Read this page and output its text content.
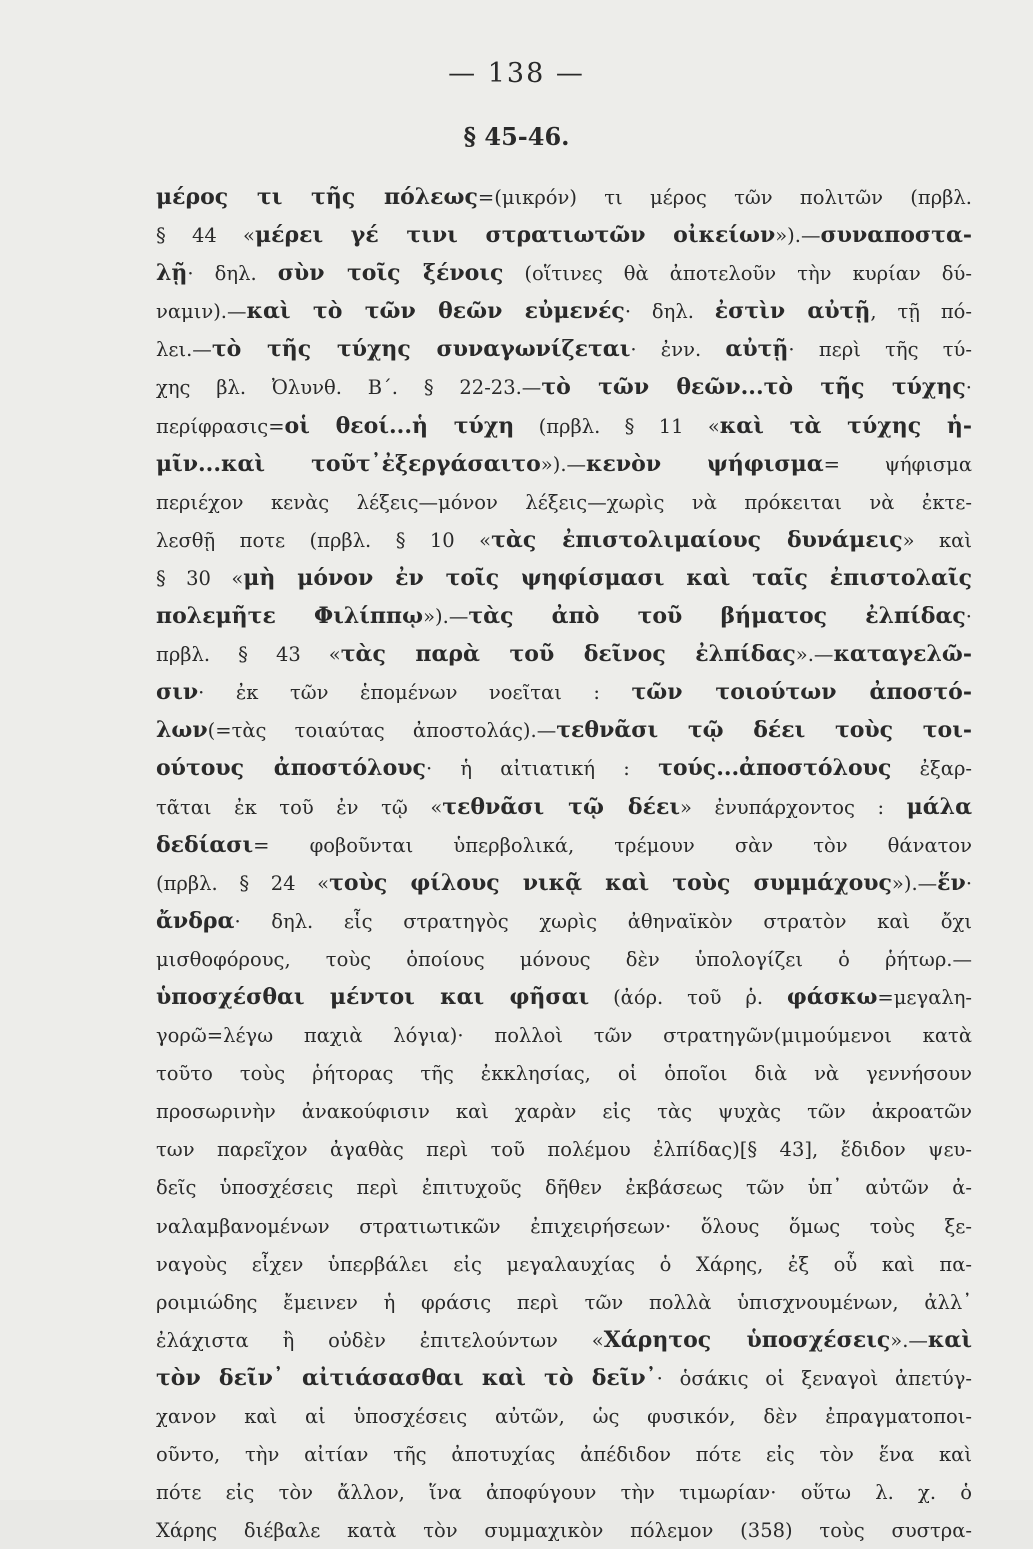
— 138 —
§ 45-46.
μέρος τι τῆς πόλεως=(μικρόν) τι μέρος τῶν πολιτῶν (πρβλ.
§ 44 «μέρει γέ τινι στρατιωτῶν οἰκείων»).—συναποστα-
λῇ· δηλ. σὺν τοῖς ξένοις (οἵτινες θὰ ἀποτελοῦν τὴν κυρίαν δύ-
ναμιν).—καὶ τὸ τῶν θεῶν εὐμενές· δηλ. ἐστὶν αὐτῇ, τῇ πό-
λει.—τὸ τῆς τύχης συναγωνίζεται· ἐνν. αὐτῇ· περὶ τῆς τύ-
χης βλ. Ὀλυνθ. Β΄. § 22-23.—τὸ τῶν θεῶν...τὸ τῆς τύχης·
περίφρασις=οἱ θεοί...ἡ τύχη (πρβλ. § 11 «καὶ τὰ τύχης ἡ-
μῖν...καὶ τοῦτ᾽ἐξεργάσαιτο»).—κενὸν ψήφισμα= ψήφισμα
περιέχον κενὰς λέξεις—μόνον λέξεις—χωρὶς νὰ πρόκειται νὰ ἐκτε-
λεσθῇ ποτε (πρβλ. § 10 «τὰς ἐπιστολιμαίους δυνάμεις» καὶ
§ 30 «μὴ μόνον ἐν τοῖς ψηφίσμασι καὶ ταῖς ἐπιστολαῖς
πολεμῆτε Φιλίππῳ»).—τὰς ἀπὸ τοῦ βήματος ἐλπίδας·
πρβλ. § 43 «τὰς παρὰ τοῦ δεῖνος ἐλπίδας».—καταγελῶ-
σιν· ἐκ τῶν ἑπομένων νοεῖται : τῶν τοιούτων ἀποστό-
λων(=τὰς τοιαύτας ἀποστολάς).—τεθνᾶσι τῷ δέει τοὺς τοι-
ούτους ἀποστόλους· ἡ αἰτιατική : τούς...ἀποστόλους ἐξαρ-
τᾶται ἐκ τοῦ ἐν τῷ «τεθνᾶσι τῷ δέει» ἐνυπάρχοντος : μάλα
δεδίασι= φοβοῦνται ὑπερβολικά, τρέμουν σὰν τὸν θάνατον
(πρβλ. § 24 «τοὺς φίλους νικᾷ καὶ τοὺς συμμάχους»).—ἕν·
ἄνδρα· δηλ. εἷς στρατηγὸς χωρὶς ἀθηναϊκὸν στρατὸν καὶ ὄχι
μισθοφόρους, τοὺς ὁποίους μόνους δὲν ὑπολογίζει ὁ ῥήτωρ.—
ὑποσχέσθαι μέντοι και φῆσαι (ἀόρ. τοῦ ῥ. φάσκω=μεγαλη-
γορῶ=λέγω παχιὰ λόγια)· πολλοὶ τῶν στρατηγῶν(μιμούμενοι κατὰ
τοῦτο τοὺς ῥήτορας τῆς ἐκκλησίας, οἱ ὁποῖοι διὰ νὰ γεννήσουν
προσωρινὴν ἀνακούφισιν καὶ χαρὰν εἰς τὰς ψυχὰς τῶν ἀκροατῶν
των παρεῖχον ἀγαθὰς περὶ τοῦ πολέμου ἐλπίδας)[§ 43], ἔδιδον ψευ-
δεῖς ὑποσχέσεις περὶ ἐπιτυχοῦς δῆθεν ἐκβάσεως τῶν ὑπ᾽ αὐτῶν ἀ-
ναλαμβανομένων στρατιωτικῶν ἐπιχειρήσεων· ὅλους ὅμως τοὺς ξε-
ναγοὺς εἶχεν ὑπερβάλει εἰς μεγαλαυχίας ὁ Χάρης, ἐξ οὗ καὶ πα-
ροιμιώδης ἔμεινεν ἡ φράσις περὶ τῶν πολλὰ ὑπισχνουμένων, ἀλλ᾽
ἐλάχιστα ἢ οὐδὲν ἐπιτελούντων «Χάρητος ὑποσχέσεις».—καὶ
τὸν δεῖν᾽ αἰτιάσασθαι καὶ τὸ δεῖν᾽· ὁσάκις οἱ ξεναγοὶ ἀπετύγ-
χανον καὶ αἱ ὑποσχέσεις αὐτῶν, ὡς φυσικόν, δὲν ἐπραγματοποι-
οῦντο, τὴν αἰτίαν τῆς ἀποτυχίας ἀπέδιδον πότε εἰς τὸν ἕνα καὶ
πότε εἰς τὸν ἄλλον, ἵνα ἀποφύγουν τὴν τιμωρίαν· οὕτω λ. χ. ὁ
Χάρης διέβαλε κατὰ τὸν συμμαχικὸν πόλεμον (358) τοὺς συστρα-
